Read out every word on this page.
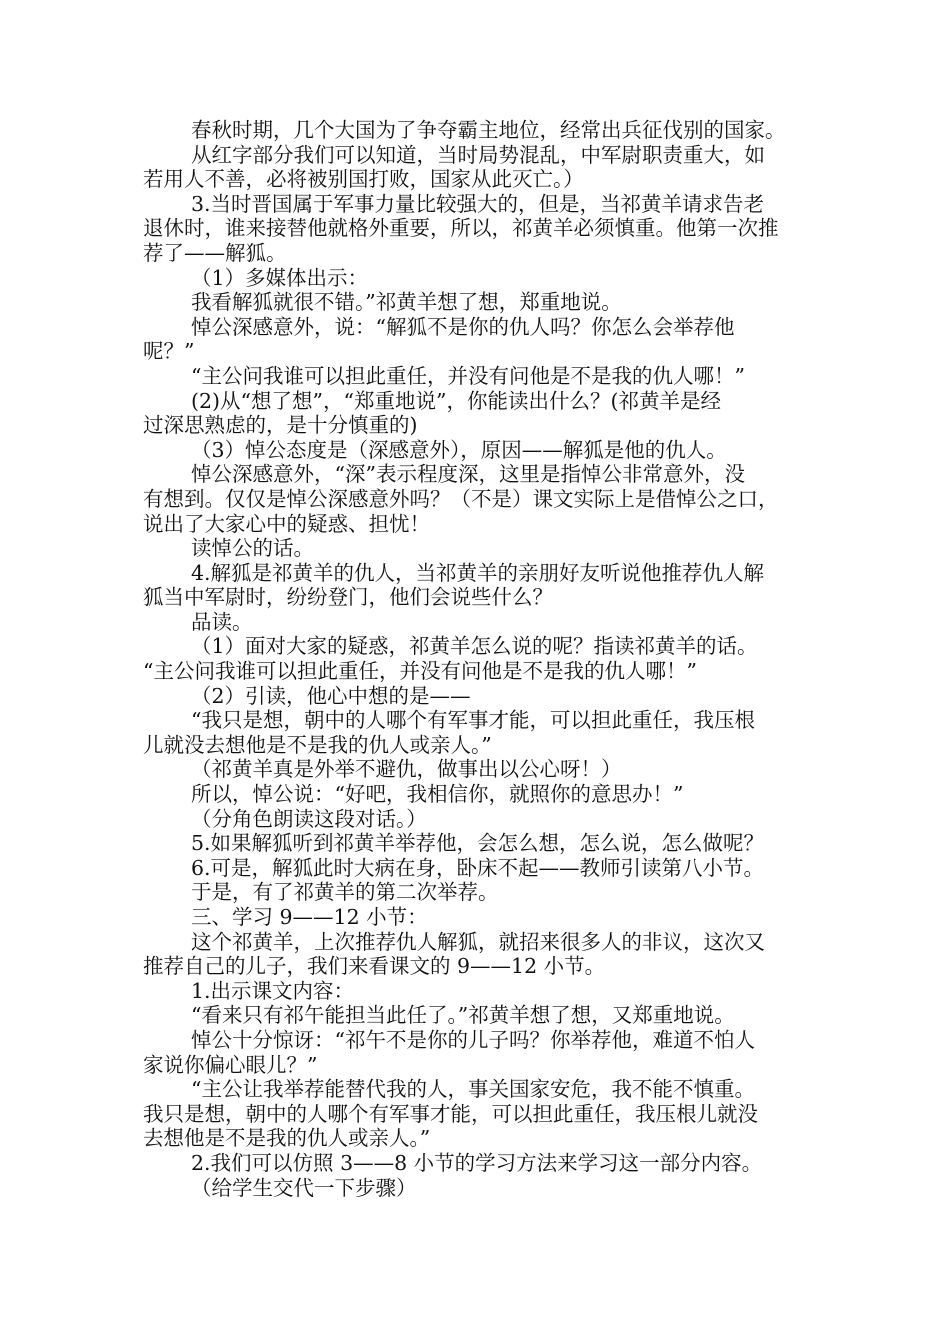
春秋时期，几个大国为了争夺霸主地位，经常出兵征伐别的国家。
从红字部分我们可以知道，当时局势混乱，中军尉职责重大，如
若用人不善，必将被别国打败，国家从此灭亡。）
3.当时晋国属于军事力量比较强大的，但是，当祁黄羊请求告老
退休时，谁来接替他就格外重要，所以，祁黄羊必须慎重。他第一次推
荐了——解狐。
（1）多媒体出示：
我看解狐就很不错。”祁黄羊想了想，郑重地说。
悼公深感意外，说：“解狐不是你的仇人吗？你怎么会举荐他
呢？”
“主公问我谁可以担此重任，并没有问他是不是我的仇人哪！”
(2)从“想了想”，“郑重地说”，你能读出什么？(祁黄羊是经
过深思熟虑的，是十分慎重的)
（3）悼公态度是（深感意外），原因——解狐是他的仇人。
悼公深感意外，“深”表示程度深，这里是指悼公非常意外，没
有想到。仅仅是悼公深感意外吗？（不是）课文实际上是借悼公之口，
说出了大家心中的疑惑、担忧！
读悼公的话。
4.解狐是祁黄羊的仇人，当祁黄羊的亲朋好友听说他推荐仇人解
狐当中军尉时，纷纷登门，他们会说些什么？
品读。
（1）面对大家的疑惑，祁黄羊怎么说的呢？指读祁黄羊的话。
“主公问我谁可以担此重任，并没有问他是不是我的仇人哪！”
（2）引读，他心中想的是——
“我只是想，朝中的人哪个有军事才能，可以担此重任，我压根
儿就没去想他是不是我的仇人或亲人。”
（祁黄羊真是外举不避仇，做事出以公心呀！）
所以，悼公说：“好吧，我相信你，就照你的意思办！”
（分角色朗读这段对话。）
5.如果解狐听到祁黄羊举荐他，会怎么想，怎么说，怎么做呢？
6.可是，解狐此时大病在身，卧床不起——教师引读第八小节。
于是，有了祁黄羊的第二次举荐。
三、学习 9——12 小节：
这个祁黄羊，上次推荐仇人解狐，就招来很多人的非议，这次又
推荐自己的儿子，我们来看课文的 9——12 小节。
1.出示课文内容：
“看来只有祁午能担当此任了。”祁黄羊想了想，又郑重地说。
悼公十分惊讶：“祁午不是你的儿子吗？你举荐他，难道不怕人
家说你偏心眼儿？”
“主公让我举荐能替代我的人，事关国家安危，我不能不慎重。
我只是想，朝中的人哪个有军事才能，可以担此重任，我压根儿就没
去想他是不是我的仇人或亲人。”
2.我们可以仿照 3——8 小节的学习方法来学习这一部分内容。
（给学生交代一下步骤）
